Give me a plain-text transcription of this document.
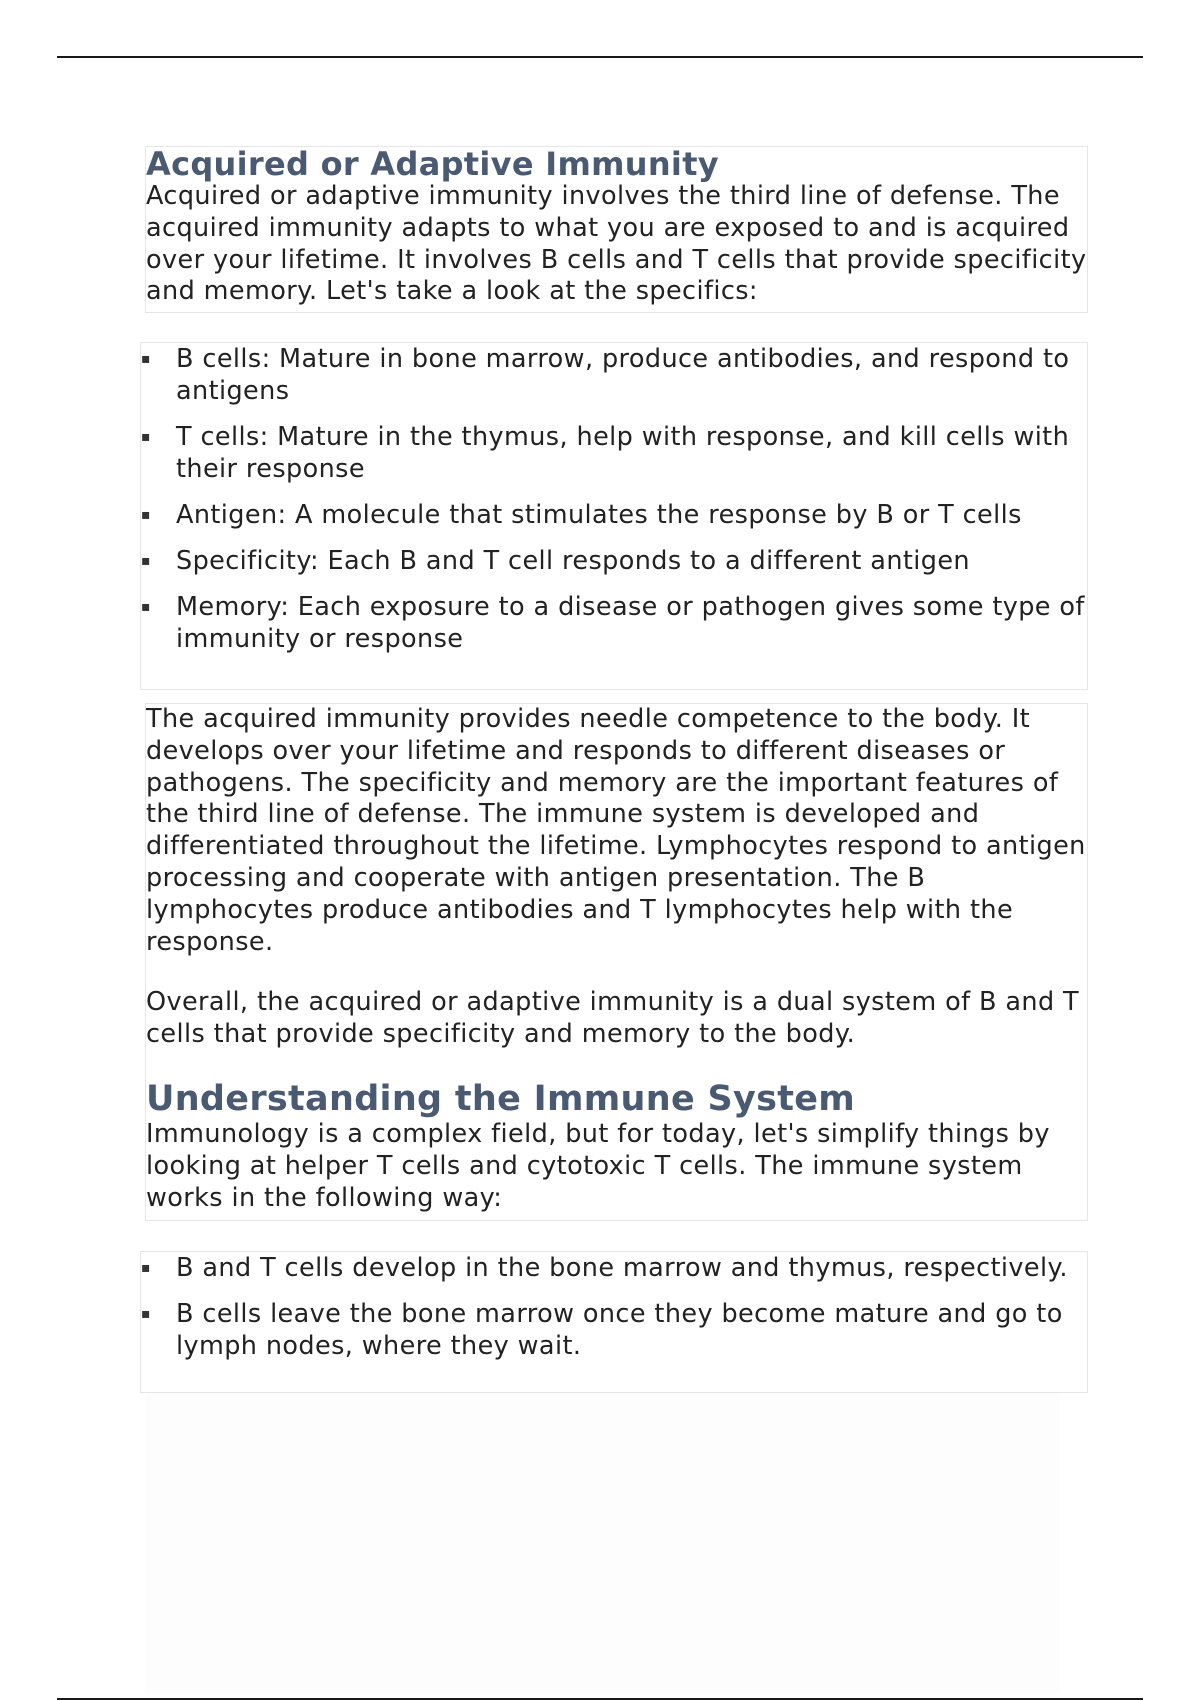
Acquired or Adaptive Immunity

Acquired or adaptive immunity involves the third line of defense. The acquired immunity adapts to what you are exposed to and is acquired over your lifetime. It involves B cells and T cells that provide specificity and memory. Let's take a look at the specifics:

▪ B cells: Mature in bone marrow, produce antibodies, and respond to antigens
▪ T cells: Mature in the thymus, help with response, and kill cells with their response
▪ Antigen: A molecule that stimulates the response by B or T cells
▪ Specificity: Each B and T cell responds to a different antigen
▪ Memory: Each exposure to a disease or pathogen gives some type of immunity or response

The acquired immunity provides needle competence to the body. It develops over your lifetime and responds to different diseases or pathogens. The specificity and memory are the important features of the third line of defense. The immune system is developed and differentiated throughout the lifetime. Lymphocytes respond to antigen processing and cooperate with antigen presentation. The B lymphocytes produce antibodies and T lymphocytes help with the response.

Overall, the acquired or adaptive immunity is a dual system of B and T cells that provide specificity and memory to the body.

Understanding the Immune System

Immunology is a complex field, but for today, let's simplify things by looking at helper T cells and cytotoxic T cells. The immune system works in the following way:

▪ B and T cells develop in the bone marrow and thymus, respectively.
▪ B cells leave the bone marrow once they become mature and go to lymph nodes, where they wait.
